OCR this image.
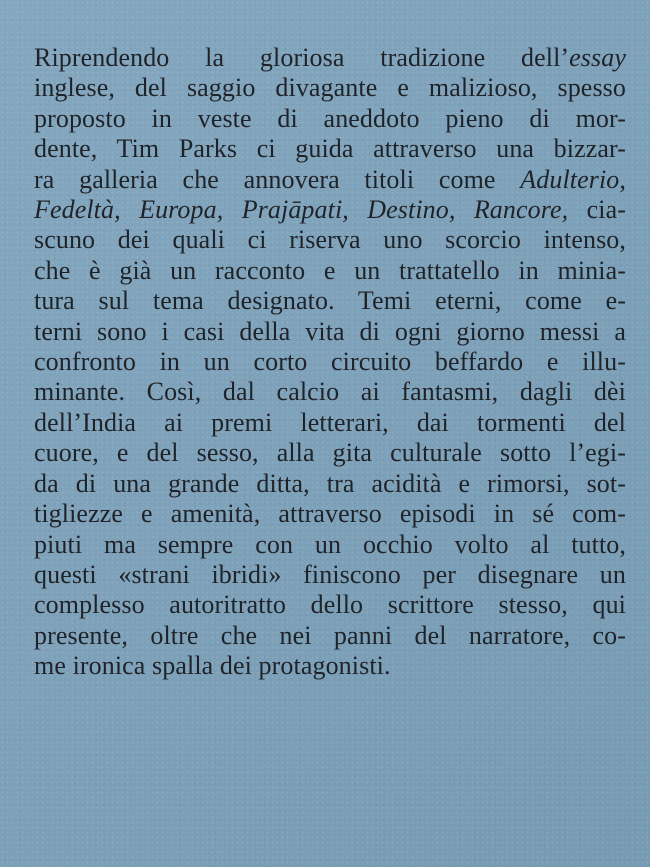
Riprendendo la gloriosa tradizione dell’essay
inglese, del saggio divagante e malizioso, spesso
proposto in veste di aneddoto pieno di mor-
dente, Tim Parks ci guida attraverso una bizzar-
ra galleria che annovera titoli come Adulterio,
Fedeltà, Europa, Prajāpati, Destino, Rancore, cia-
scuno dei quali ci riserva uno scorcio intenso,
che è già un racconto e un trattatello in minia-
tura sul tema designato. Temi eterni, come e-
terni sono i casi della vita di ogni giorno messi a
confronto in un corto circuito beffardo e illu-
minante. Così, dal calcio ai fantasmi, dagli dèi
dell’India ai premi letterari, dai tormenti del
cuore, e del sesso, alla gita culturale sotto l’egi-
da di una grande ditta, tra acidità e rimorsi, sot-
tigliezze e amenità, attraverso episodi in sé com-
piuti ma sempre con un occhio volto al tutto,
questi «strani ibridi» finiscono per disegnare un
complesso autoritratto dello scrittore stesso, qui
presente, oltre che nei panni del narratore, co-
me ironica spalla dei protagonisti.
